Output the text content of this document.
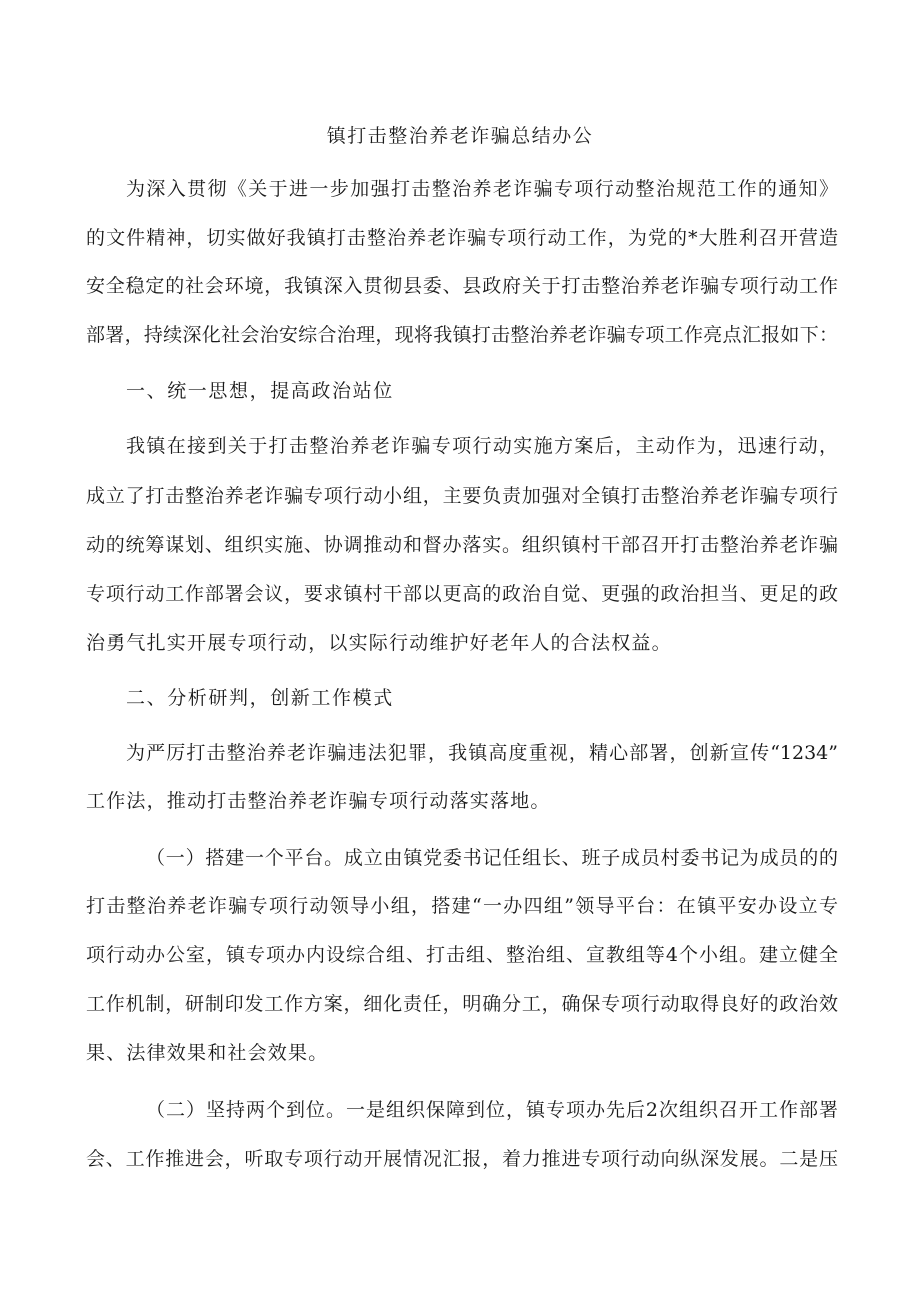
镇打击整治养老诈骗总结办公
为深入贯彻《关于进一步加强打击整治养老诈骗专项行动整治规范工作的通知》
的文件精神，切实做好我镇打击整治养老诈骗专项行动工作，为党的*大胜利召开营造
安全稳定的社会环境，我镇深入贯彻县委、县政府关于打击整治养老诈骗专项行动工作
部署，持续深化社会治安综合治理，现将我镇打击整治养老诈骗专项工作亮点汇报如下：
一、统一思想，提高政治站位
我镇在接到关于打击整治养老诈骗专项行动实施方案后，主动作为，迅速行动，
成立了打击整治养老诈骗专项行动小组，主要负责加强对全镇打击整治养老诈骗专项行
动的统筹谋划、组织实施、协调推动和督办落实。组织镇村干部召开打击整治养老诈骗
专项行动工作部署会议，要求镇村干部以更高的政治自觉、更强的政治担当、更足的政
治勇气扎实开展专项行动，以实际行动维护好老年人的合法权益。
二、分析研判，创新工作模式
为严厉打击整治养老诈骗违法犯罪，我镇高度重视，精心部署，创新宣传“1234”
工作法，推动打击整治养老诈骗专项行动落实落地。
（一）搭建一个平台。成立由镇党委书记任组长、班子成员村委书记为成员的的
打击整治养老诈骗专项行动领导小组，搭建“一办四组”领导平台：在镇平安办设立专
项行动办公室，镇专项办内设综合组、打击组、整治组、宣教组等4个小组。建立健全
工作机制，研制印发工作方案，细化责任，明确分工，确保专项行动取得良好的政治效
果、法律效果和社会效果。
（二）坚持两个到位。一是组织保障到位，镇专项办先后2次组织召开工作部署
会、工作推进会，听取专项行动开展情况汇报，着力推进专项行动向纵深发展。二是压
